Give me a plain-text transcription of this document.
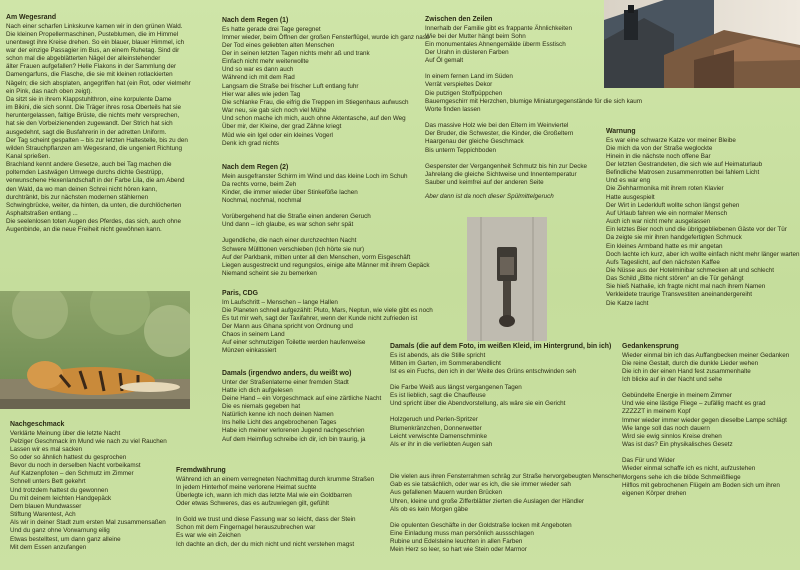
Am Wegesrand
Nach einer scharfen Linkskurve kamen wir in den grünen Wald.
Die kleinen Propellermaschinen, Pusteblumen, die im Himmel
unentwegt ihre Kreise drehen. So ein blauer, blauer Himmel, ich
war der einzige Passagier im Bus, an einem Ruhetag. Sind dir
schon mal die abgeblätterten Nägel der alleinstehender
älter Frauen aufgefallen? Helle Flakons in der Sammlung der
Damengarfuns, die Flasche, die sie mit kleinen rotlackierten
Nägeln; die sich absplaten, angegriffen hat (ein Rot, oder vielmehr
ein Pink, das nach oben zeigt).
Da sitzt sie in ihrem Klappstuhlthron, eine korpulente Dame
im Bikini, die sich sonnt. Die Träger ihres rosa Oberteils hat sie
heruntergelassen, faltige Brüste, die nichts mehr versprechen,
hat sie den Vorbeizienenden zugewandt. Der Strich hat sich
ausgedehnt, sagt die Busfahrerin in der adretten Uniform.
Der Tag scheint gespalten – bis zur letzten Haltestelle, bis zu den
wilden Strauchpflanzen am Wegesrand, die ungeniert Richtung
Kanal sprießen.
Brachland kennt andere Gesetze, auch bei Tag machen die
polternden Lastwägen Umwege durchs dichte Gestrüpp,
verwunschene Hexenlandschaft in der Farbe Lila, die am Abend
den Wald, da wo man deinen Schrei nicht hören kann,
durchtränkt, bis zur nächsten modernen stählernen
Schwingbrücke, weiter, da hinten, da unten, die durchlöcherten
Asphaltstraßen entlang ...
Die seelenlosen toten Augen des Pferdes, das sich, auch ohne
Augenbinde, an die neue Freiheit nicht gewöhnen kann.
Nachgeschmack
Verklärte Meinung über die letzte Nacht
Pelziger Geschmack im Mund wie nach zu viel Rauchen
Lassen wir es mal sacken
So oder so ähnlich hattest du gesprochen
Bevor du noch in derselben Nacht vorbeikamst
Auf Katzenpfoten – den Schmutz im Zimmer
Schnell unters Bett gekehrt
Und trotzdem hattest du gewonnen
Du mit deinem leichten Handgepäck
Dem blauen Mundwasser
Stiftung Warentest, Ach
Als wir in deiner Stadt zum ersten Mal zusammensaßen
Und du ganz ohne Vorwarnung eilig
Etwas bestelltest, um dann ganz alleine
Mit dem Essen anzufangen
Nach dem Regen (1)
Es hatte gerade drei Tage geregnet
Immer wieder, beim Öffnen der großen Fensterflügel, wurde ich ganz nass
Der Tod eines geliebten alten Menschen
Der in seinen letzten Tagen nichts mehr aß und trank
Einfach nicht mehr weiterwollte
Und so war es dann auch
Während ich mit dem Rad
Langsam die Straße bei frischer Luft entlang fuhr
Hier war alles wie jeden Tag
Die schlanke Frau, die eifrig die Treppen im Stiegenhaus aufwusch
War neu, sie gab sich noch viel Mühe
Und schon mache ich mich, auch ohne Aktentasche, auf den Weg
Über mir, der Kleine, der grad Zähne kriegt
Müd wie ein Igel oder ein kleines Vogerl
Denk ich grad nichts
Nach dem Regen (2)
Mein ausgefranster Schirm im Wind und das kleine Loch im Schuh
Da rechts vorne, beim Zeh
Kinder, die immer wieder über Stinkeföße lachen
Nochmal, nochmal, nochmal
Vorübergehend hat die Straße einen anderen Geruch
Und dann – ich glaube, es war schon sehr spät
Jugendliche, die nach einer durchzechten Nacht
Schwere Müllttonen verschieben (Ich hörte sie nur)
Auf der Parkbank, mitten unter all den Menschen, vorm Eisgeschäft
Liegen ausgestreckt und regungslos, einige alte Männer mit ihrem Gepäck
Niemand scheint sie zu bemerken
Paris, CDG
Im Laufschritt – Menschen – lange Hallen
Die Planeten schnell aufgezählt: Pluto, Mars, Neptun, wie viele gibt es noch
Es tut mir weh, sagt der Taxifahrer, wenn der Kunde nicht zufrieden ist
Der Mann aus Ghana spricht von Ordnung und
Chaos in seinem Land
Auf einer schmutzigen Toilette werden haufenweise
Münzen einkassiert
Damals (irgendwo anders, du weißt wo)
Unter der Straßenlaterne einer fremden Stadt
Hatte ich dich aufgelesen
Deine Hand – ein Vorgeschmack auf eine zärtliche Nacht
Die es niemals gegeben hat
Natürlich kenne ich noch deinen Namen
Ins helle Licht des angebrochenen Tages
Habe ich meiner verlorenen Jugend nachgeschrien
Auf dem Heimflug schreibe ich dir, ich bin traurig, ja
Fremdwährung
Während ich an einem verregneten Nachmittag durch krumme Straßen
In jedem Hinterhof meine verlorene Heimat suchte
Überlegte ich, wann ich mich das letzte Mal wie ein Goldbarren
Oder etwas Schweres, das es aufzuwiegen gilt, gefühlt
In Gold we trust und diese Fassung war so leicht, dass der Stein
Schon mit dem Fingernagel herauszubrechen war
Es war wie ein Zeichen
Ich dachte an dich, der du mich nicht und nicht verstehen magst
Zwischen den Zeilen
Innerhalb der Familie gibt es frappante Ähnlichkeiten
Wie bei der Mutter hängt beim Sohn
Ein monumentales Ahnengemälde überm Esstisch
Der Urahn in düsteren Farben
Auf Öl gemalt
In einem fernen Land im Süden
Verrät verspieltes Dekor
Die putzigen Stoffpüppchen
Bauerngeschirr mit Herzchen, blumige Miniaturgegenstände für die sich kaum
Worte finden lassen
Das massive Holz wie bei den Eltern im Weinviertel
Der Bruder, die Schwester, die Kinder, die Großeltern
Haargenau der gleiche Geschmack
Bis unterm Teppichboden
Gespenster der Vergangenheit Schmutz bis hin zur Decke
Jahrelang die gleiche Sichtweise und Innentemperatur
Sauber und keimfrei auf der anderen Seite
Aber dann ist da noch dieser Spülmittelgeruch
Warnung
Es war eine schwarze Katze vor meiner Bleibe
Die mich da von der Straße weglockte
Hinein in die nächste noch offene Bar
Der letzten Gestrandeten, die sich wie auf Heimaturlaub
Befindliche Matrosen zusammenrotten bei fahlem Licht
Und es war eng
Die Ziehharmonika mit ihrem roten Klavier
Hatte ausgespielt
Der Wirt in Lederkluft wollte schon längst gehen
Auf Urlaub fahren wie ein normaler Mensch
Auch ich war nicht mehr ausgelassen
Ein letztes Bier noch und die übriggebliebenen Gäste vor der Tür
Da zeigte sie mir ihren handgefertigten Schmuck
Ein kleines Armband hatte es mir angetan
Doch lachte ich kurz, aber ich wollte einfach nicht mehr länger warten
Aufs Tageslicht, auf den nächsten Kaffee
Die Nüsse aus der Hotelminibar schmecken alt und schlecht
Das Schild „Bitte nicht stören“ an die Tür gehängt
Sie hieß Nathalie, ich fragte nicht mal nach ihrem Namen
Verkleidete traurige Transvestiten aneinandergereiht
Die Katze lacht
Damals (die auf dem Foto, im weißen Kleid, im Hintergrund, bin ich)
Es ist abends, als die Stille spricht
Mitten im Garten, im Sommerabendlicht
Ist es ein Fuchs, den ich in der Weite des Grüns entschwinden seh
Die Farbe Weiß aus längst vergangenen Tagen
Es ist lieblich, sagt die Chauffeuse
Und spricht über die Abendvorstellung, als wäre sie ein Gericht
Holzgeruch und Perlen-Spritzer
Blumenkränzchen, Donnerwetter
Leicht verwischte Damenschminke
Als er ihr in die verliebten Augen sah
Die vielen aus ihren Fensterrahmen schräg zur Straße hervorgebeugten Menschen
Gab es sie tatsächlich, oder war es ich, die sie immer wieder sah
Aus gefallenen Mauern wurden Brücken
Uhren, kleine und große Zifferblätter zierten die Auslagen der Händler
Als ob es kein Morgen gäbe
Die opulenten Geschäfte in der Goldstraße locken mit Angeboten
Eine Einladung muss man persönlich aussschlagen
Rubine und Edelsteine leuchten in allen Farben
Mein Herz so leer, so hart wie Stein oder Marmor
Gedankensprung
Wieder einmal bin ich das Auffangbecken meiner Gedanken
Die reine Gestalt, durch die dunkle Lieder wehen
Die ich in der einen Hand fest zusammenhalte
Ich blicke auf in der Nacht und sehe
Gebündelte Energie in meinem Zimmer
Und wie eine lästige Fliege – zufällig macht es grad
ZZZZZT in meinem Kopf
Immer wieder immer wieder gegen dieselbe Lampe schlägt
Wie lange soll das noch dauern
Wird sie ewig sinnlos Kreise drehen
Was ist das? Ein physikalisches Gesetz
Das Für und Wider
Wieder einmal schaffe ich es nicht, aufzustehen
Morgens sehe ich die blöde Schmeißfliege
Hilflos mit gebrochenen Flügeln am Boden sich um ihren
eigenen Körper drehen
